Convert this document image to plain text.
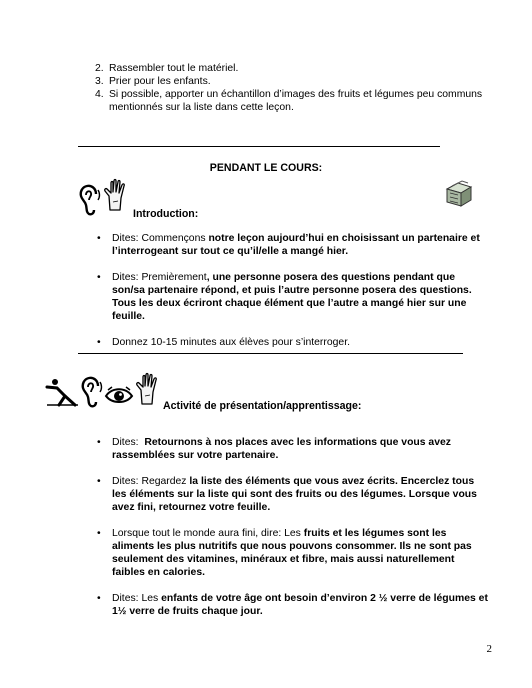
2. Rassembler tout le matériel.
3. Prier pour les enfants.
4. Si possible, apporter un échantillon d’images des fruits et légumes peu communs mentionnés sur la liste dans cette leçon.
PENDANT LE COURS:
Introduction:
• Dites: Commençons notre leçon aujourd’hui en choisissant un partenaire et l’interrogeant sur tout ce qu’il/elle a mangé hier.
• Dites: Premièrement, une personne posera des questions pendant que son/sa partenaire répond, et puis l’autre personne posera des questions. Tous les deux écriront chaque élément que l’autre a mangé hier sur une feuille.
• Donnez 10-15 minutes aux élèves pour s’interroger.
Activité de présentation/apprentissage:
• Dites:  Retournons à nos places avec les informations que vous avez rassemblées sur votre partenaire.
• Dites: Regardez la liste des éléments que vous avez écrits. Encerclez tous les éléments sur la liste qui sont des fruits ou des légumes. Lorsque vous avez fini, retournez votre feuille.
• Lorsque tout le monde aura fini, dire: Les fruits et les légumes sont les aliments les plus nutritifs que nous pouvons consommer. Ils ne sont pas seulement des vitamines, minéraux et fibre, mais aussi naturellement faibles en calories.
• Dites: Les enfants de votre âge ont besoin d’environ 2 ½ verre de légumes et 1½ verre de fruits chaque jour.
2
